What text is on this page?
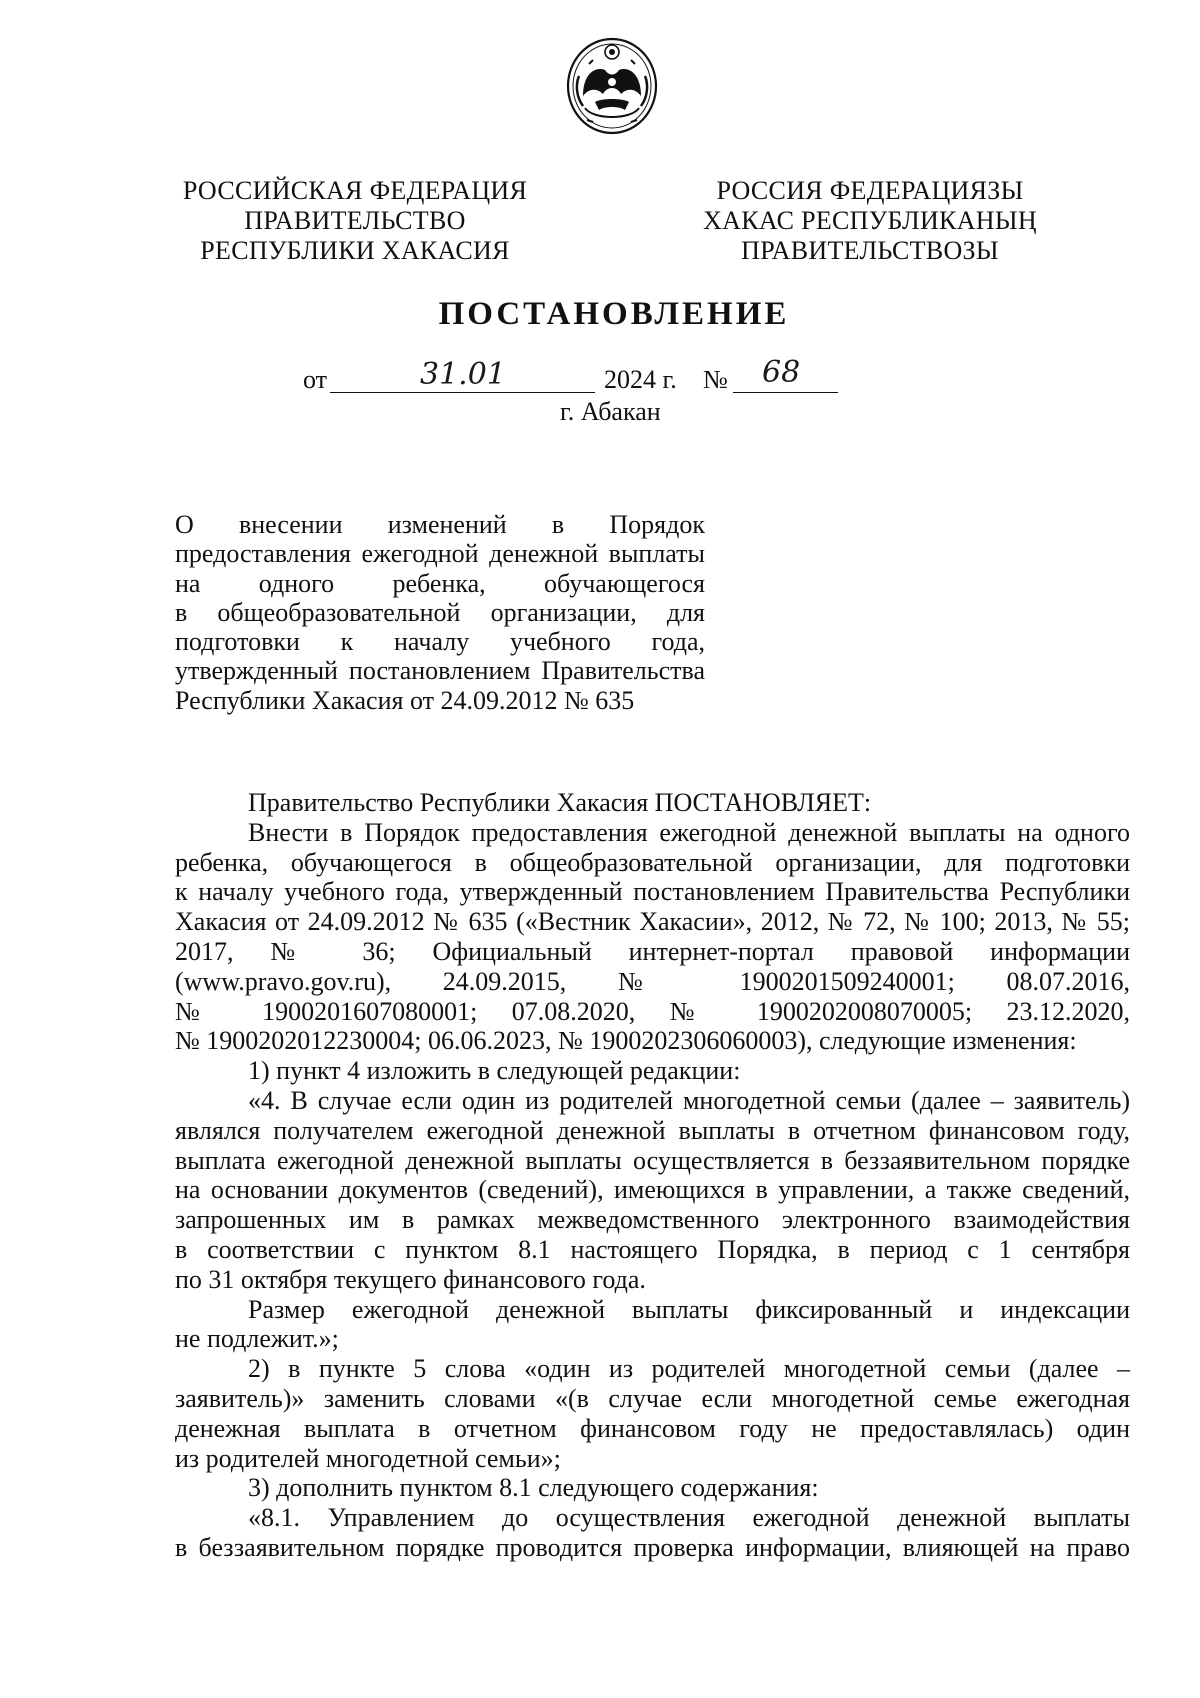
РОССИЙСКАЯ ФЕДЕРАЦИЯ
ПРАВИТЕЛЬСТВО
РЕСПУБЛИКИ ХАКАСИЯ
РОССИЯ ФЕДЕРАЦИЯЗЫ
ХАКАС РЕСПУБЛИКАНЫҢ
ПРАВИТЕЛЬСТВОЗЫ
ПОСТАНОВЛЕНИЕ
от	31.01	2024 г. № 68
г. Абакан
О внесении изменений в Порядок
предоставления ежегодной денежной выплаты
на одного ребенка, обучающегося
в общеобразовательной организации, для
подготовки к началу учебного года,
утвержденный постановлением Правительства
Республики Хакасия от 24.09.2012 № 635
Правительство Республики Хакасия ПОСТАНОВЛЯЕТ:
Внести в Порядок предоставления ежегодной денежной выплаты на одного
ребенка, обучающегося в общеобразовательной организации, для подготовки
к началу учебного года, утвержденный постановлением Правительства Республики
Хакасия от 24.09.2012 № 635 («Вестник Хакасии», 2012, № 72, № 100; 2013, № 55;
2017, № 36; Официальный интернет-портал правовой информации
(www.pravo.gov.ru), 24.09.2015, № 1900201509240001; 08.07.2016,
№ 1900201607080001; 07.08.2020, № 1900202008070005; 23.12.2020,
№ 1900202012230004; 06.06.2023, № 1900202306060003), следующие изменения:
1) пункт 4 изложить в следующей редакции:
«4. В случае если один из родителей многодетной семьи (далее – заявитель)
являлся получателем ежегодной денежной выплаты в отчетном финансовом году,
выплата ежегодной денежной выплаты осуществляется в беззаявительном порядке
на основании документов (сведений), имеющихся в управлении, а также сведений,
запрошенных им в рамках межведомственного электронного взаимодействия
в соответствии с пунктом 8.1 настоящего Порядка, в период с 1 сентября
по 31 октября текущего финансового года.
Размер ежегодной денежной выплаты фиксированный и индексации
не подлежит.»;
2) в пункте 5 слова «один из родителей многодетной семьи (далее –
заявитель)» заменить словами «(в случае если многодетной семье ежегодная
денежная выплата в отчетном финансовом году не предоставлялась) один
из родителей многодетной семьи»;
3) дополнить пунктом 8.1 следующего содержания:
«8.1. Управлением до осуществления ежегодной денежной выплаты
в беззаявительном порядке проводится проверка информации, влияющей на право
